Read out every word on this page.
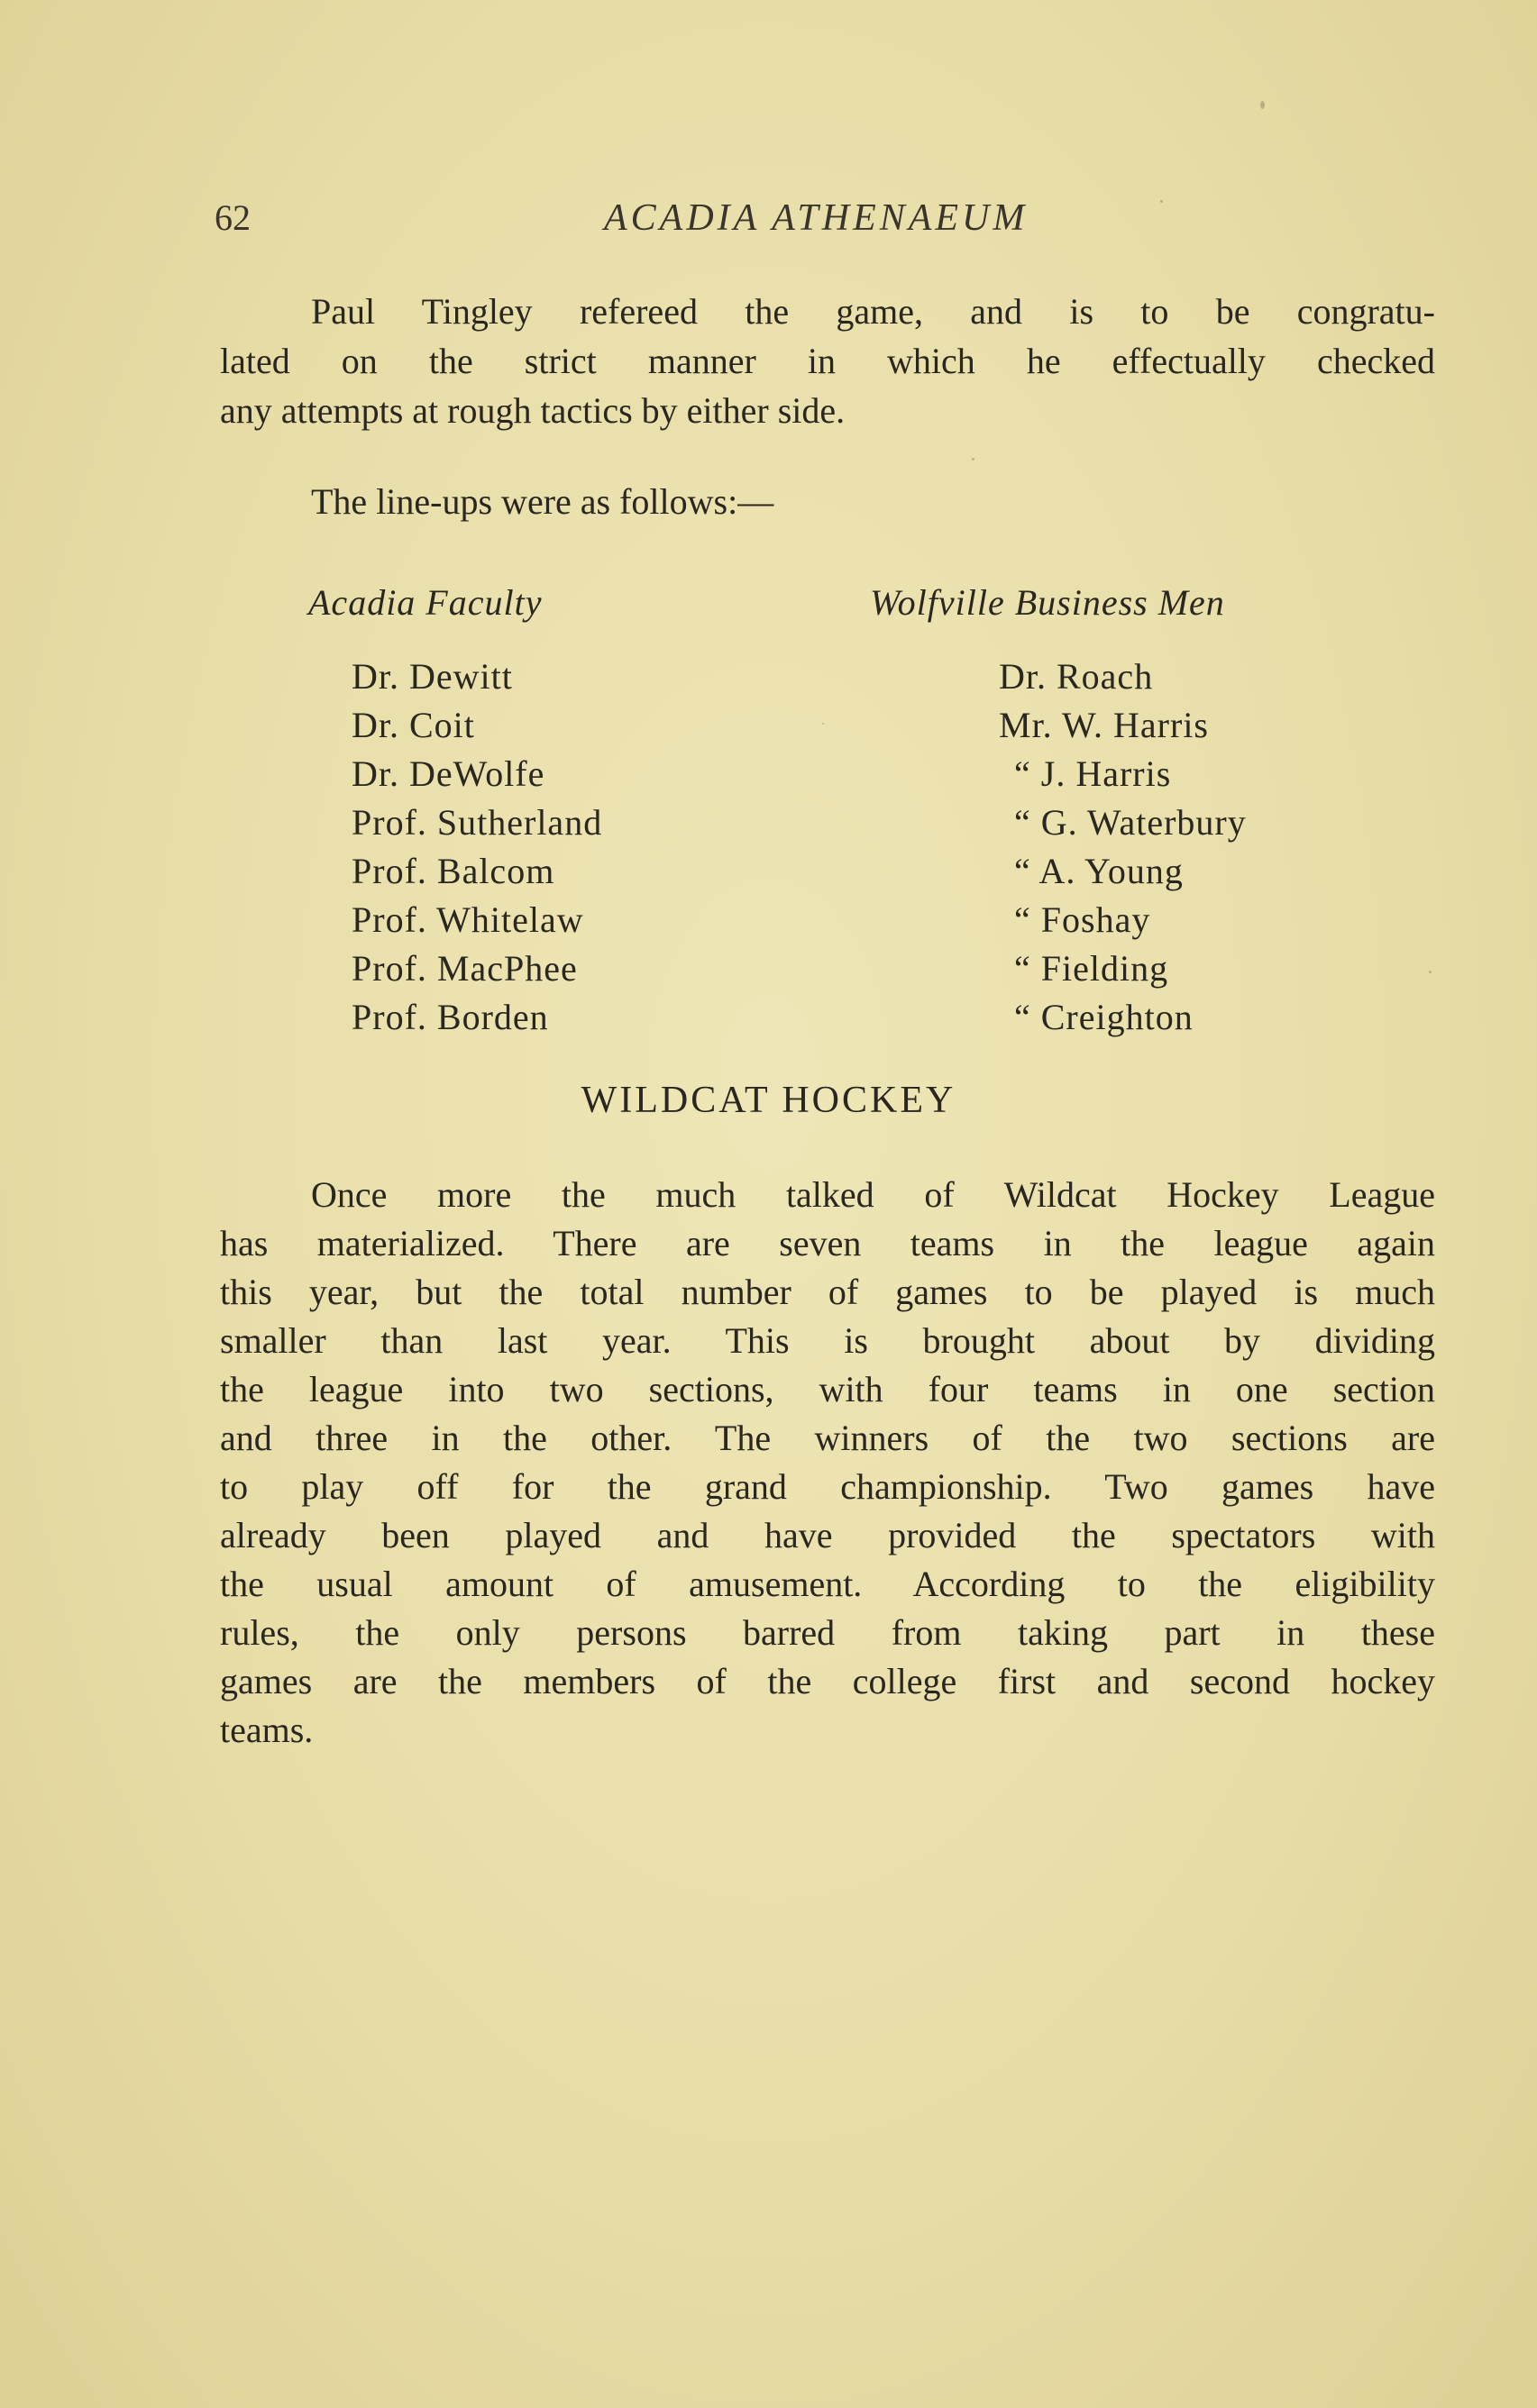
62	ACADIA ATHENAEUM
Paul Tingley refereed the game, and is to be congratu-
lated on the strict manner in which he effectually checked
any attempts at rough tactics by either side.
The line-ups were as follows:—
Acadia Faculty	Wolfville Business Men
Dr. Dewitt
Dr. Coit
Dr. DeWolfe
Prof. Sutherland
Prof. Balcom
Prof. Whitelaw
Prof. MacPhee
Prof. Borden
Dr. Roach
Mr. W. Harris
“ J. Harris
“ G. Waterbury
“ A. Young
“ Foshay
“ Fielding
“ Creighton
WILDCAT HOCKEY
Once more the much talked of Wildcat Hockey League
has materialized. There are seven teams in the league again
this year, but the total number of games to be played is much
smaller than last year. This is brought about by dividing
the league into two sections, with four teams in one section
and three in the other. The winners of the two sections are
to play off for the grand championship. Two games have
already been played and have provided the spectators with
the usual amount of amusement. According to the eligibility
rules, the only persons barred from taking part in these
games are the members of the college first and second hockey
teams.
